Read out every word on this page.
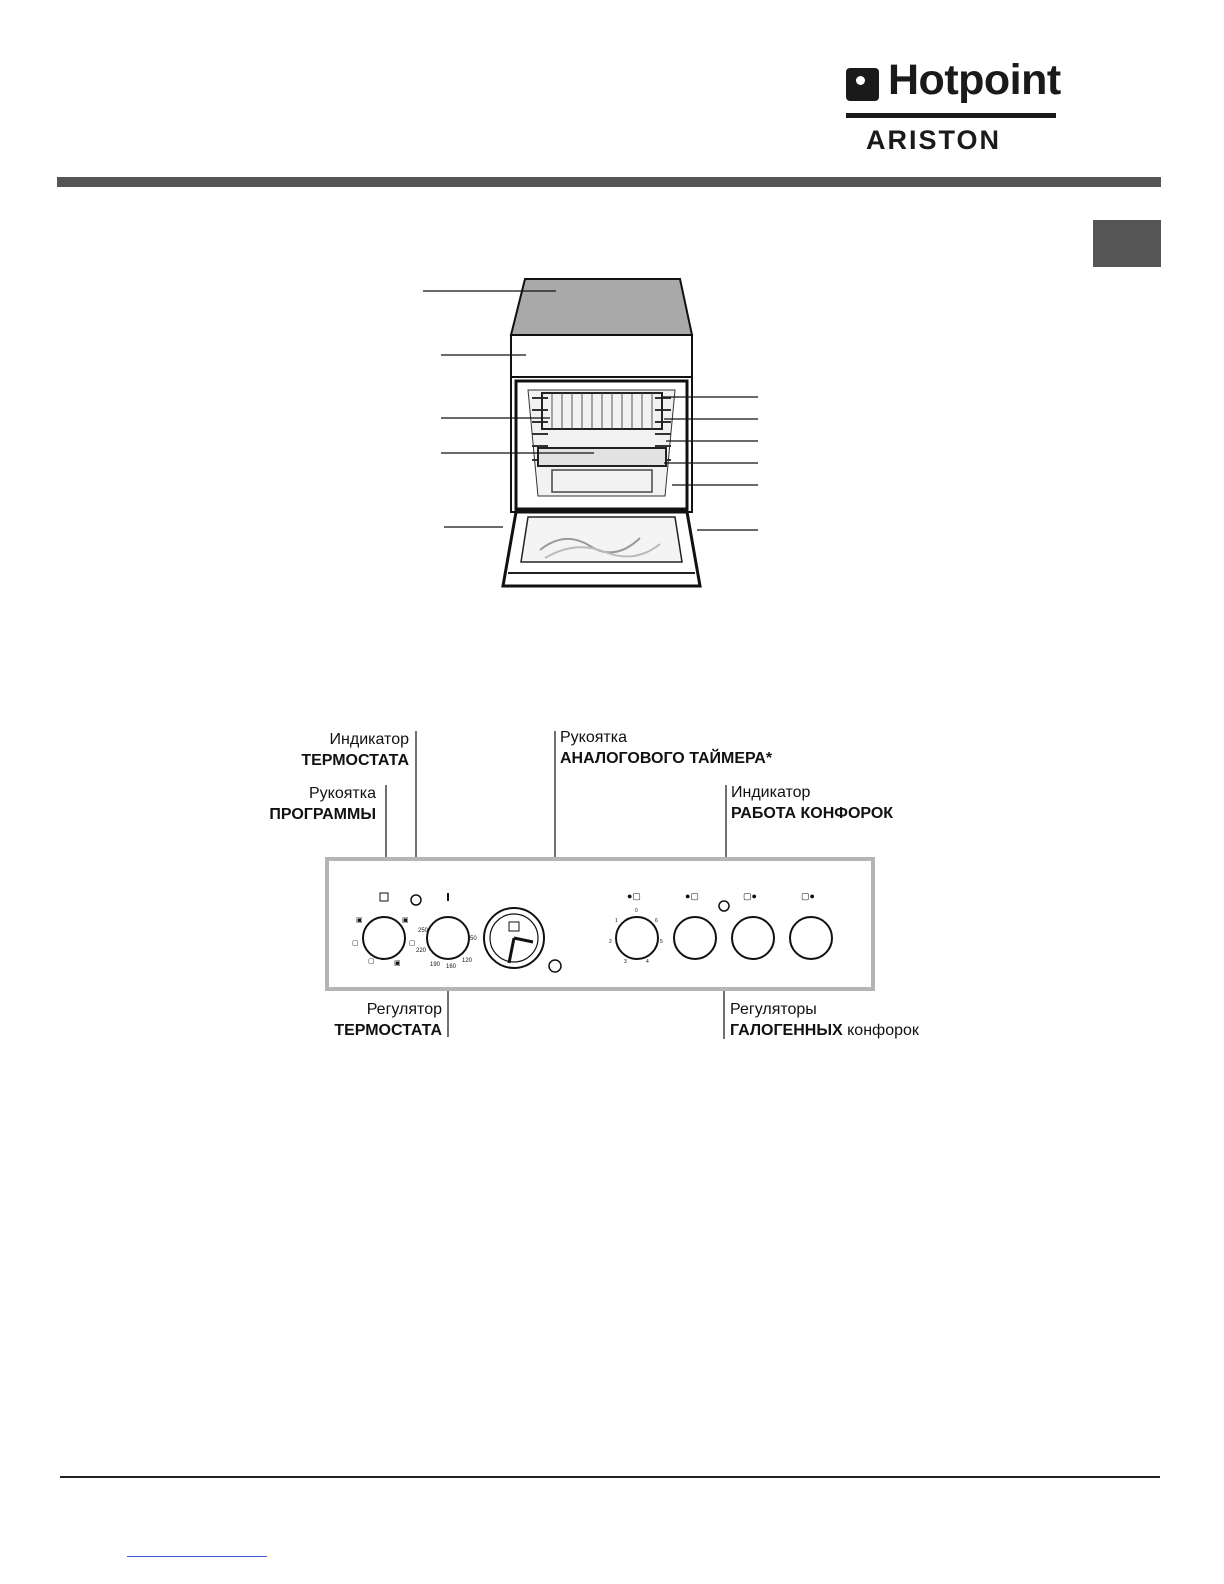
Hotpoint
ARISTON
Индикатор
ТЕРМОСТАТА
Рукоятка
ПРОГРАММЫ
Рукоятка
АНАЛОГОВОГО ТАЙМЕРА*
Индикатор
РАБОТА КОНФОРОК
Регулятор
ТЕРМОСТАТА
Регуляторы
ГАЛОГЕННЫХ конфорок
▣	▣
▢	▢
▢	▣
50
250
220
190 160
120
●▢	●▢	▢●	▢●
0
1
2
3	4
5
6
